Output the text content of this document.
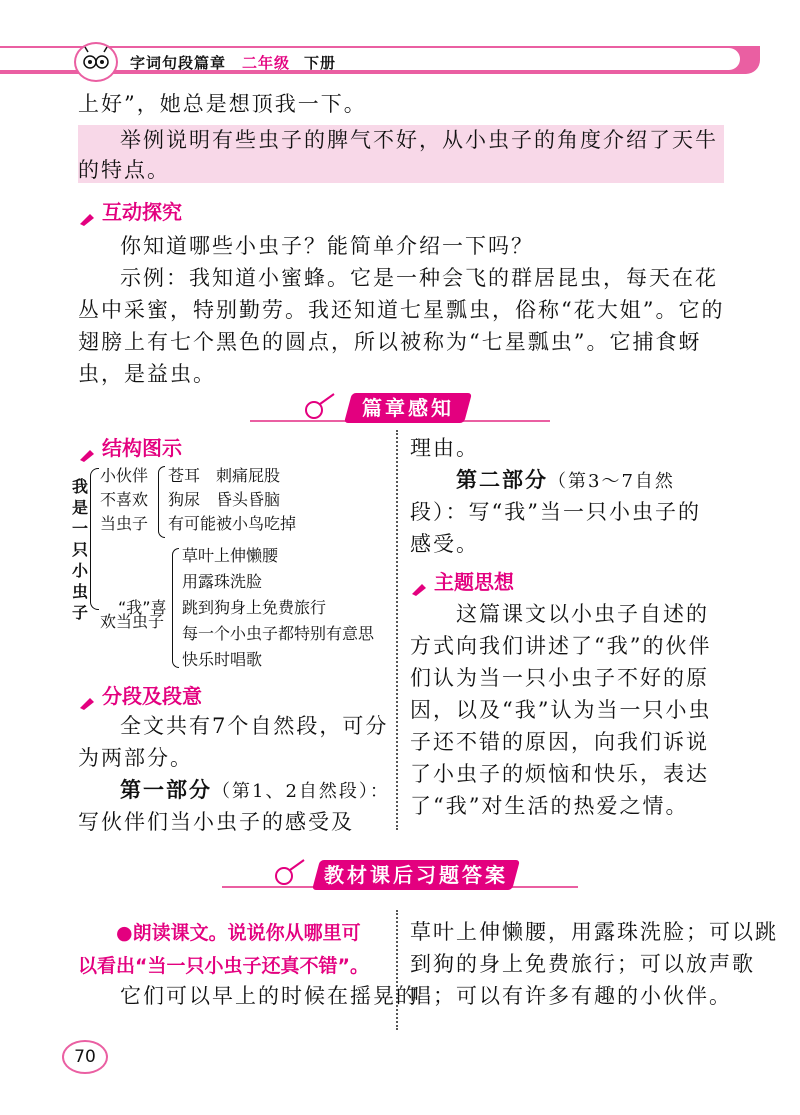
字词句段篇章 二年级 下册
上好”，她总是想顶我一下。
举例说明有些虫子的脾气不好，从小虫子的角度介绍了天牛
的特点。
互动探究
你知道哪些小虫子？能简单介绍一下吗？
示例：我知道小蜜蜂。它是一种会飞的群居昆虫，每天在花
丛中采蜜，特别勤劳。我还知道七星瓢虫，俗称“花大姐”。它的
翅膀上有七个黑色的圆点，所以被称为“七星瓢虫”。它捕食蚜
虫，是益虫。
篇章感知
结构图示
我是一只小虫子
小伙伴
不喜欢
当虫子
苍耳　刺痛屁股
狗尿　昏头昏脑
有可能被小鸟吃掉
“我”喜
欢当虫子
草叶上伸懒腰
用露珠洗脸
跳到狗身上免费旅行
每一个小虫子都特别有意思
快乐时唱歌
分段及段意
全文共有7个自然段，可分
为两部分。
第一部分（第1、2自然段）：
写伙伴们当小虫子的感受及
理由。
第二部分（第3～7自然
段）：写“我”当一只小虫子的
感受。
主题思想
这篇课文以小虫子自述的
方式向我们讲述了“我”的伙伴
们认为当一只小虫子不好的原
因，以及“我”认为当一只小虫
子还不错的原因，向我们诉说
了小虫子的烦恼和快乐，表达
了“我”对生活的热爱之情。
教材课后习题答案
●朗读课文。说说你从哪里可
以看出“当一只小虫子还真不错”。
它们可以早上的时候在摇晃的
草叶上伸懒腰，用露珠洗脸；可以跳
到狗的身上免费旅行；可以放声歌
唱；可以有许多有趣的小伙伴。
70
